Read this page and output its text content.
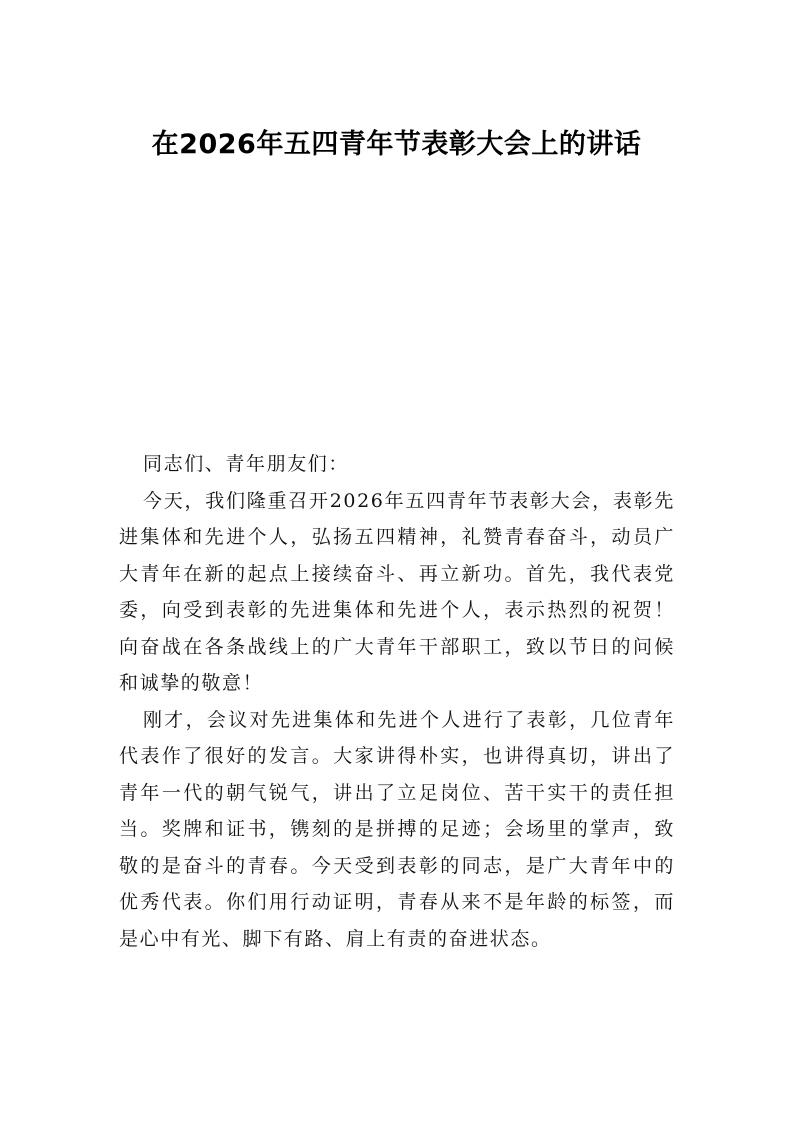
在2026年五四青年节表彰大会上的讲话

同志们、青年朋友们：

今天，我们隆重召开2026年五四青年节表彰大会，表彰先进集体和先进个人，弘扬五四精神，礼赞青春奋斗，动员广大青年在新的起点上接续奋斗、再立新功。首先，我代表党委，向受到表彰的先进集体和先进个人，表示热烈的祝贺！向奋战在各条战线上的广大青年干部职工，致以节日的问候和诚挚的敬意！

刚才，会议对先进集体和先进个人进行了表彰，几位青年代表作了很好的发言。大家讲得朴实，也讲得真切，讲出了青年一代的朝气锐气，讲出了立足岗位、苦干实干的责任担当。奖牌和证书，镌刻的是拼搏的足迹；会场里的掌声，致敬的是奋斗的青春。今天受到表彰的同志，是广大青年中的优秀代表。你们用行动证明，青春从来不是年龄的标签，而是心中有光、脚下有路、肩上有责的奋进状态。
